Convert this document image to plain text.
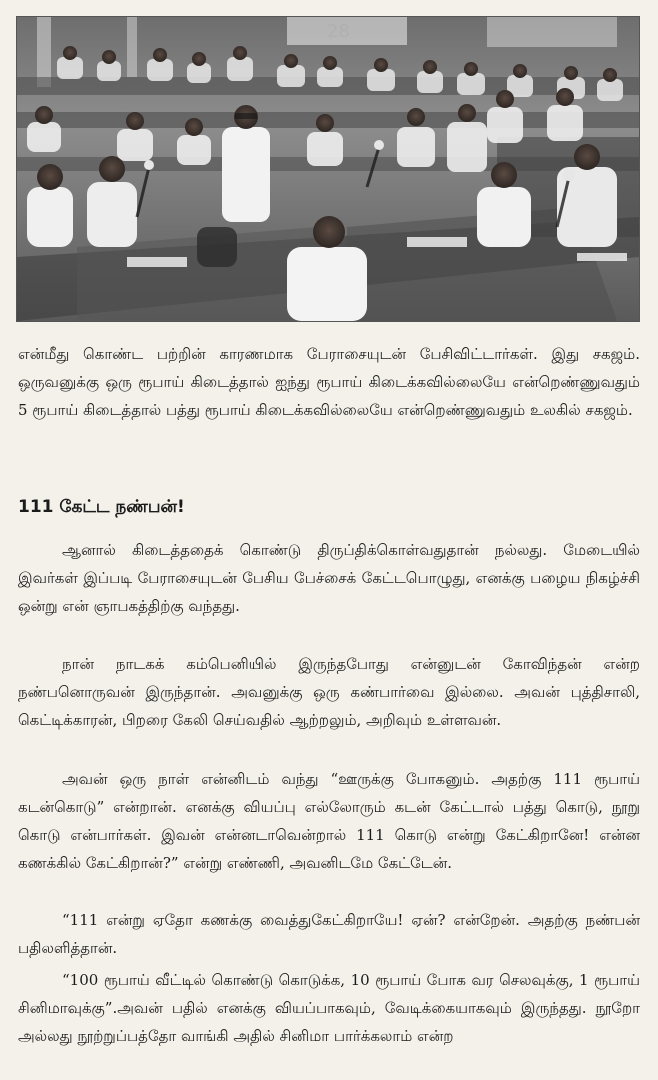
28

என்மீது கொண்ட பற்றின் காரணமாக பேராசையுடன் பேசிவிட்டார்கள். இது சகஜம். ஒருவனுக்கு ஒரு ரூபாய் கிடைத்தால் ஐந்து ரூபாய் கிடைக்கவில்லையே என்றெண்ணுவதும் 5 ரூபாய் கிடைத்தால் பத்து ரூபாய் கிடைக்கவில்லையே என்றெண்ணுவதும் உலகில் சகஜம்.

111 கேட்ட நண்பன்!

ஆனால் கிடைத்ததைக் கொண்டு திருப்திக்கொள்வதுதான் நல்லது. மேடையில் இவர்கள் இப்படி பேராசையுடன் பேசிய பேச்சைக் கேட்டபொழுது, எனக்கு பழைய நிகழ்ச்சி ஒன்று என் ஞாபகத்திற்கு வந்தது.

நான் நாடகக் கம்பெனியில் இருந்தபோது என்னுடன் கோவிந்தன் என்ற நண்பனொருவன் இருந்தான். அவனுக்கு ஒரு கண்பார்வை இல்லை. அவன் புத்திசாலி, கெட்டிக்காரன், பிறரை கேலி செய்வதில் ஆற்றலும், அறிவும் உள்ளவன்.

அவன் ஒரு நாள் என்னிடம் வந்து “ஊருக்கு போகனும். அதற்கு 111 ரூபாய் கடன்கொடு” என்றான். எனக்கு வியப்பு எல்லோரும் கடன் கேட்டால் பத்து கொடு, நூறு கொடு என்பார்கள். இவன் என்னடாவென்றால் 111 கொடு என்று கேட்கிறானே! என்ன கணக்கில் கேட்கிறான்?” என்று எண்ணி, அவனிடமே கேட்டேன்.

“111 என்று ஏதோ கணக்கு வைத்துகேட்கிறாயே! ஏன்? என்றேன். அதற்கு நண்பன் பதிலளித்தான்.

“100 ரூபாய் வீட்டில் கொண்டு கொடுக்க, 10 ரூபாய் போக வர செலவுக்கு, 1 ரூபாய் சினிமாவுக்கு”.அவன் பதில் எனக்கு வியப்பாகவும், வேடிக்கையாகவும் இருந்தது. நூறோ அல்லது நூற்றுப்பத்தோ வாங்கி அதில் சினிமா பார்க்கலாம் என்ற
